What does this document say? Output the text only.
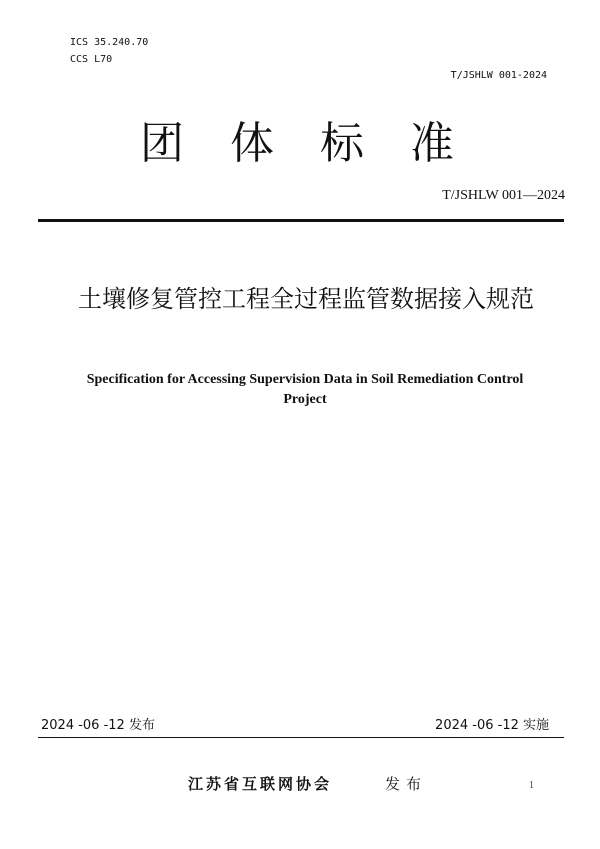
ICS 35.240.70
CCS L70
T/JSHLW 001-2024
团体标准
T/JSHLW 001—2024
土壤修复管控工程全过程监管数据接入规范
Specification for Accessing Supervision Data in Soil Remediation Control Project
2024 -06 -12 发布	2024 -06 -12 实施
江苏省互联网协会	发布	1
